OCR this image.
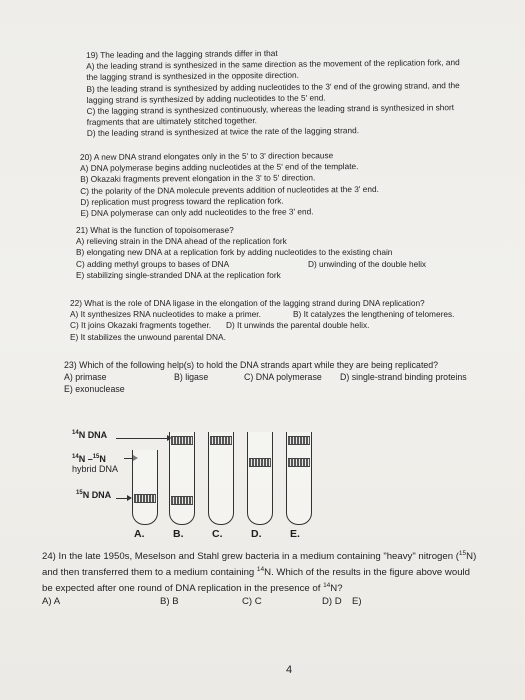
19) The leading and the lagging strands differ in that
A) the leading strand is synthesized in the same direction as the movement of the replication fork, and
the lagging strand is synthesized in the opposite direction.
B) the leading strand is synthesized by adding nucleotides to the 3' end of the growing strand, and the
lagging strand is synthesized by adding nucleotides to the 5' end.
C) the lagging strand is synthesized continuously, whereas the leading strand is synthesized in short
fragments that are ultimately stitched together.
D) the leading strand is synthesized at twice the rate of the lagging strand.
20) A new DNA strand elongates only in the 5' to 3' direction because
A) DNA polymerase begins adding nucleotides at the 5' end of the template.
B) Okazaki fragments prevent elongation in the 3' to 5' direction.
C) the polarity of the DNA molecule prevents addition of nucleotides at the 3' end.
D) replication must progress toward the replication fork.
E) DNA polymerase can only add nucleotides to the free 3' end.
21) What is the function of topoisomerase?
A) relieving strain in the DNA ahead of the replication fork
B) elongating new DNA at a replication fork by adding nucleotides to the existing chain
C) adding methyl groups to bases of DNA	D) unwinding of the double helix
E) stabilizing single-stranded DNA at the replication fork
22) What is the role of DNA ligase in the elongation of the lagging strand during DNA replication?
A) It synthesizes RNA nucleotides to make a primer.	B) It catalyzes the lengthening of telomeres.
C) It joins Okazaki fragments together.	D) It unwinds the parental double helix.
E) It stabilizes the unwound parental DNA.
23) Which of the following help(s) to hold the DNA strands apart while they are being replicated?
A) primase	B) ligase	C) DNA polymerase	D) single-strand binding proteins
E) exonuclease
$^{14}$N DNA
$^{14}$N –$^{15}$N
hybrid DNA
$^{15}$N DNA
A.	B.	C.	D.	E.
24) In the late 1950s, Meselson and Stahl grew bacteria in a medium containing "heavy" nitrogen ($^{15}$N)
and then transferred them to a medium containing $^{14}$N. Which of the results in the figure above would
be expected after one round of DNA replication in the presence of $^{14}$N?
A) A	B) B	C) C	D) D	E)
4
